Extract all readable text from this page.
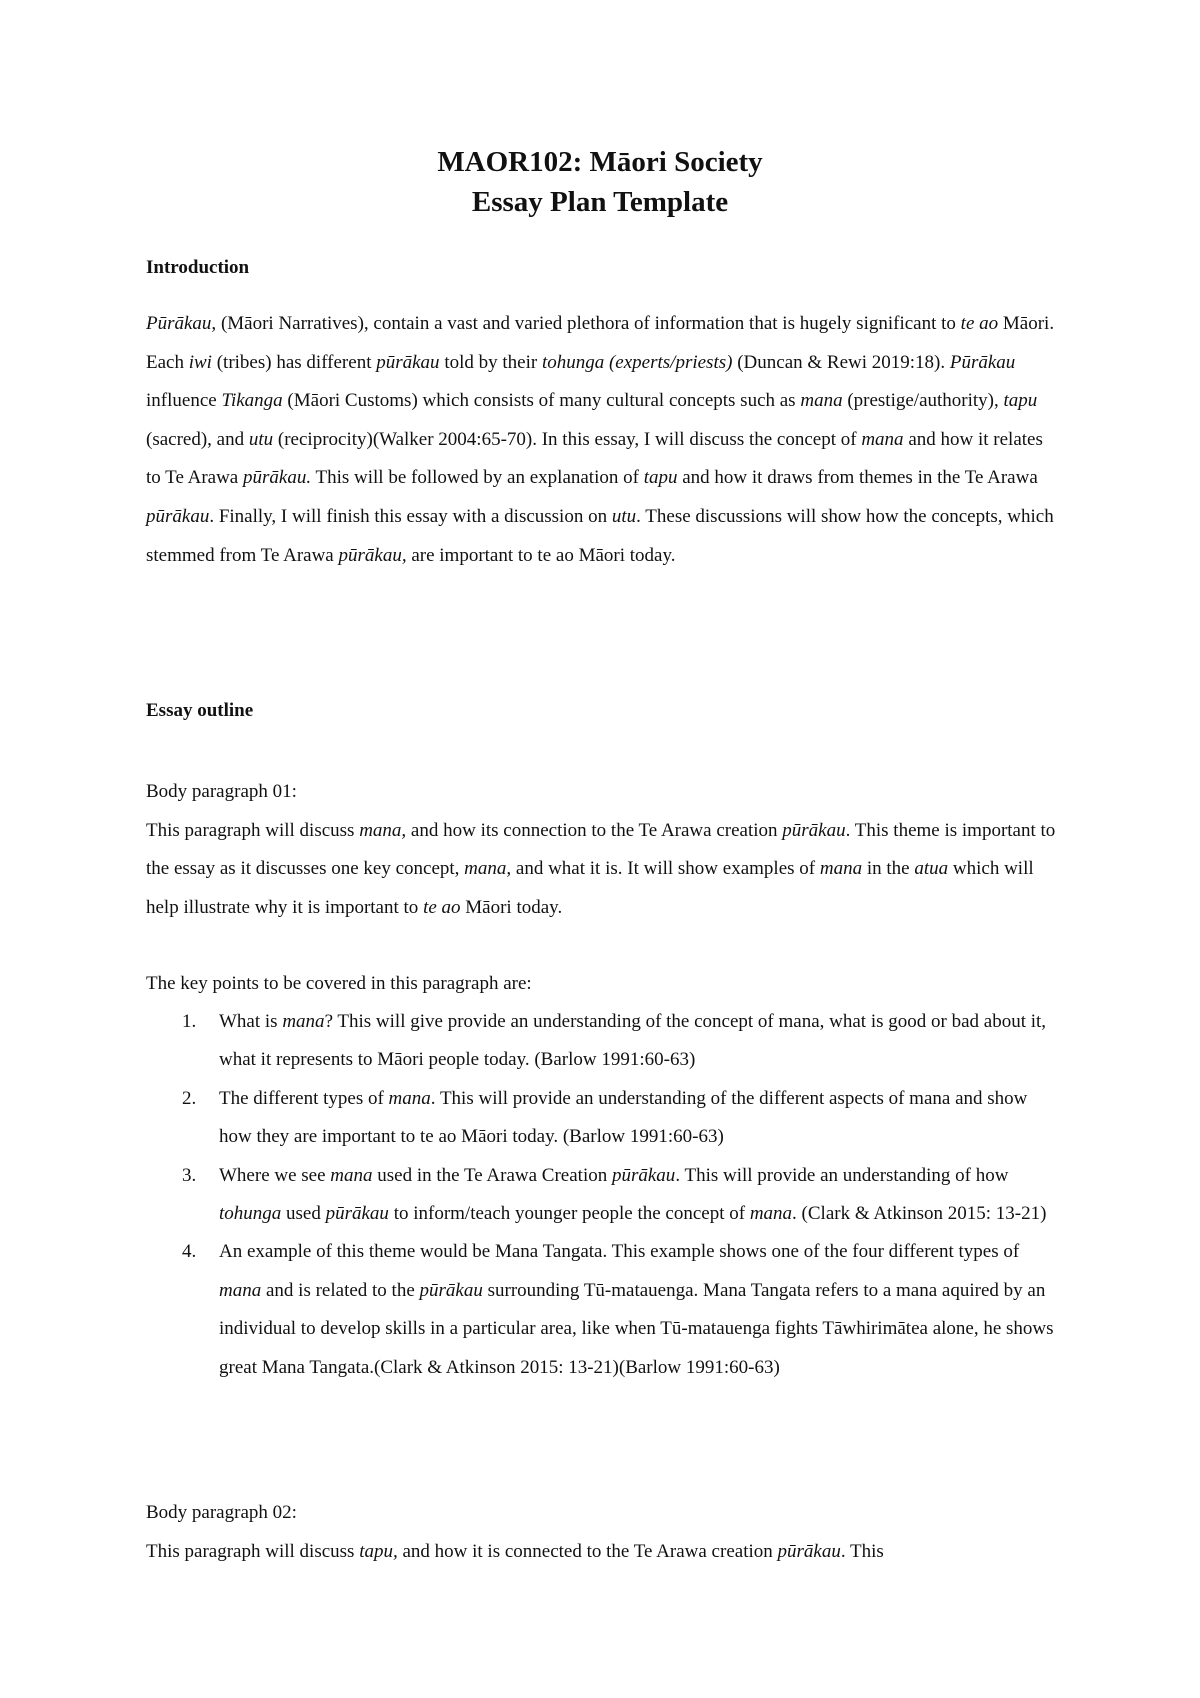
MAOR102: Māori Society
Essay Plan Template
Introduction

Pūrākau, (Māori Narratives), contain a vast and varied plethora of information that is hugely significant to te ao Māori. Each iwi (tribes) has different pūrākau told by their tohunga (experts/priests) (Duncan & Rewi 2019:18). Pūrākau influence Tikanga (Māori Customs) which consists of many cultural concepts such as mana (prestige/authority), tapu (sacred), and utu (reciprocity)(Walker 2004:65-70). In this essay, I will discuss the concept of mana and how it relates to Te Arawa pūrākau. This will be followed by an explanation of tapu and how it draws from themes in the Te Arawa pūrākau. Finally, I will finish this essay with a discussion on utu. These discussions will show how the concepts, which stemmed from Te Arawa pūrākau, are important to te ao Māori today.

Essay outline

Body paragraph 01:

This paragraph will discuss mana, and how its connection to the Te Arawa creation pūrākau. This theme is important to the essay as it discusses one key concept, mana, and what it is. It will show examples of mana in the atua which will help illustrate why it is important to te ao Māori today.

The key points to be covered in this paragraph are:

1. What is mana? This will give provide an understanding of the concept of mana, what is good or bad about it, what it represents to Māori people today. (Barlow 1991:60-63)
2. The different types of mana. This will provide an understanding of the different aspects of mana and show how they are important to te ao Māori today. (Barlow 1991:60-63)
3. Where we see mana used in the Te Arawa Creation pūrākau. This will provide an understanding of how tohunga used pūrākau to inform/teach younger people the concept of mana. (Clark & Atkinson 2015: 13-21)
4. An example of this theme would be Mana Tangata. This example shows one of the four different types of mana and is related to the pūrākau surrounding Tū-matauenga. Mana Tangata refers to a mana aquired by an individual to develop skills in a particular area, like when Tū-matauenga fights Tāwhirimātea alone, he shows great Mana Tangata.(Clark & Atkinson 2015: 13-21)(Barlow 1991:60-63)

Body paragraph 02:

This paragraph will discuss tapu, and how it is connected to the Te Arawa creation pūrākau. This
